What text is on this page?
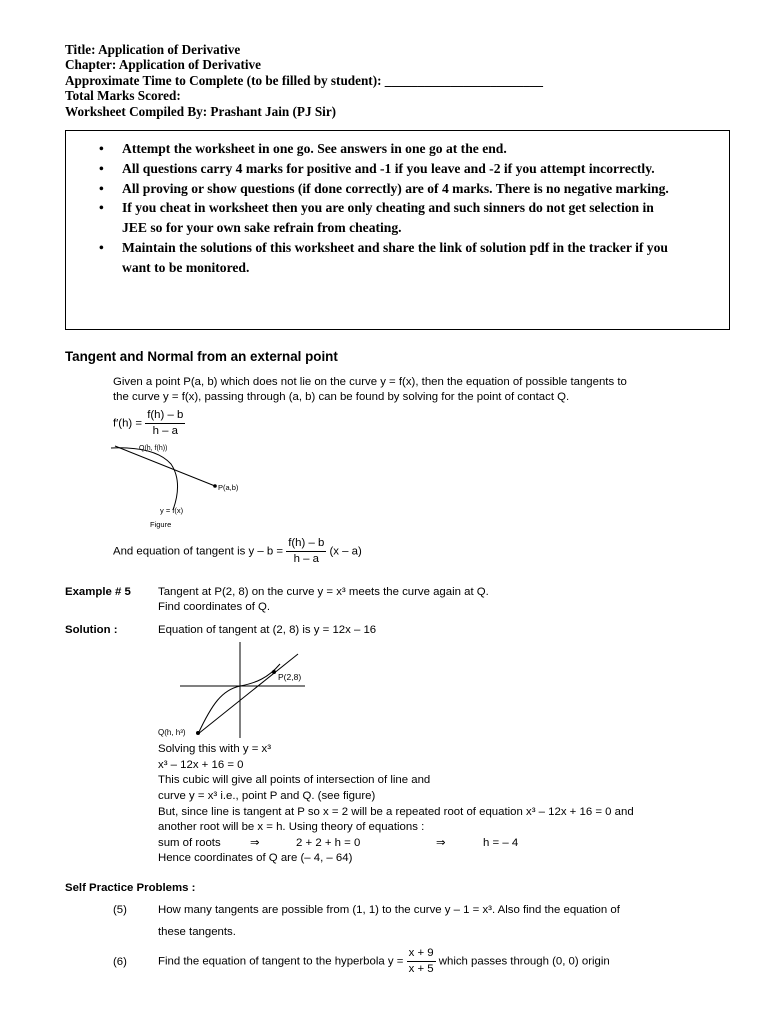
Title: Application of Derivative
Chapter: Application of Derivative
Approximate Time to Complete (to be filled by student): ________________________
Total Marks Scored:
Worksheet Compiled By: Prashant Jain (PJ Sir)
• Attempt the worksheet in one go. See answers in one go at the end.
• All questions carry 4 marks for positive and -1 if you leave and -2 if you attempt incorrectly.
• All proving or show questions (if done correctly) are of 4 marks. There is no negative marking.
• If you cheat in worksheet then you are only cheating and such sinners do not get selection in JEE so for your own sake refrain from cheating.
• Maintain the solutions of this worksheet and share the link of solution pdf in the tracker if you want to be monitored.
Tangent and Normal from an external point
Given a point P(a, b) which does not lie on the curve y = f(x), then the equation of possible tangents to
the curve y = f(x), passing through (a, b) can be found by solving for the point of contact Q.
$f'(h) = \frac{f(h) - b}{h - a}$
Q(h, f(h))
P(a,b)
y = f(x)
Figure
And equation of tangent is $y - b = \frac{f(h) - b}{h - a} (x - a)$
Example # 5 Tangent at P(2, 8) on the curve y = x³ meets the curve again at Q.
Find coordinates of Q.
Solution :	Equation of tangent at (2, 8) is y = 12x – 16
P(2,8)
Q(h, h³)
Solving this with y = x³
x³ – 12x + 16 = 0
This cubic will give all points of intersection of line and
curve y = x³ i.e., point P and Q. (see figure)
But, since line is tangent at P so x = 2 will be a repeated root of equation x³ – 12x + 16 = 0 and
another root will be x = h. Using theory of equations :
sum of roots	⇒	2 + 2 + h = 0	⇒	h = – 4
Hence coordinates of Q are (– 4, – 64)
Self Practice Problems :
(5)	How many tangents are possible from (1, 1) to the curve y – 1 = x³. Also find the equation of
these tangents.
(6)	Find the equation of tangent to the hyperbola $y = \frac{x + 9}{x + 5}$ which passes through (0, 0) origin
